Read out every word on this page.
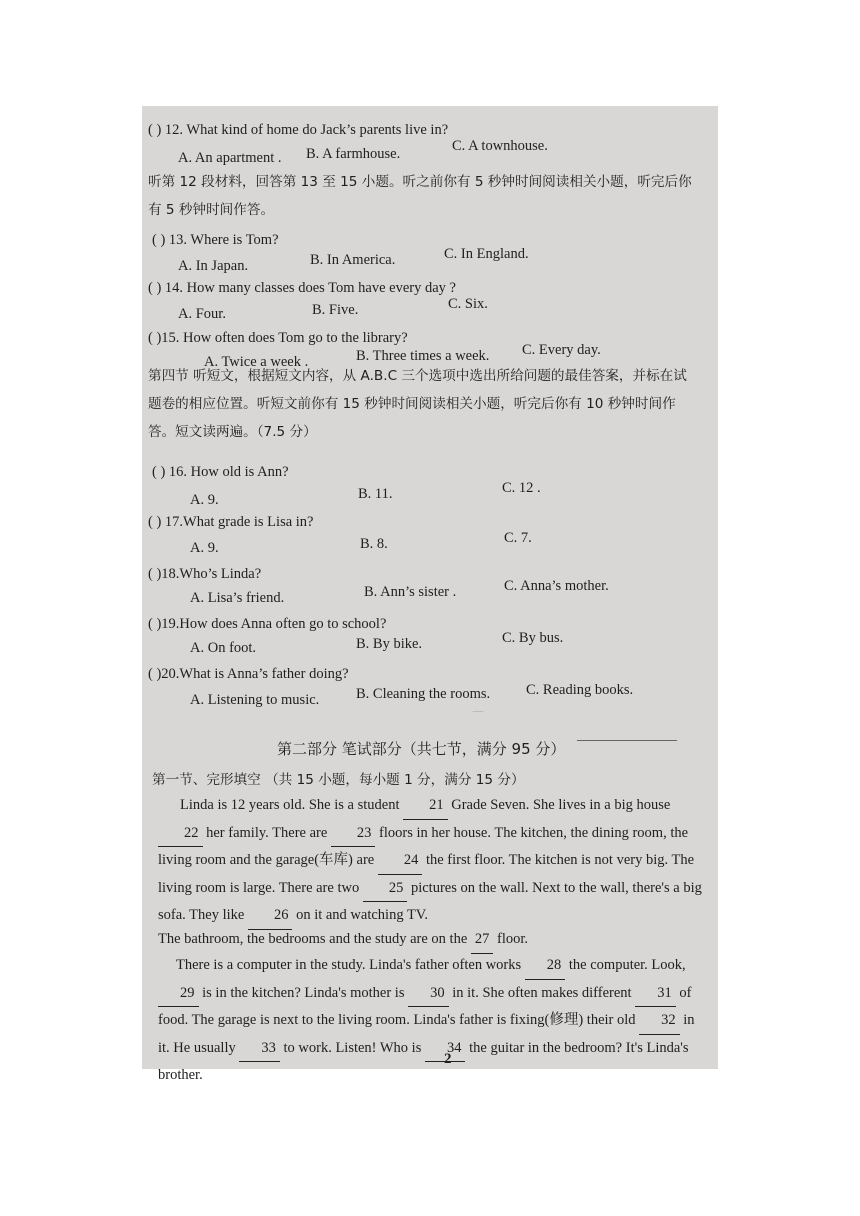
( ) 12. What kind of home do Jack’s parents live in?
A. An apartment . B. A farmhouse.	C. A townhouse.
听第 12 段材料，回答第 13 至 15 小题。听之前你有 5 秒钟时间阅读相关小题，听完后你有 5 秒钟时间作答。
( ) 13. Where is Tom?
A. In Japan.	B. In America.	C. In England.
( ) 14. How many classes does Tom have every day ?
A. Four.	B. Five.	C. Six.
( )15. How often does Tom go to the library?
A. Twice a week .	B. Three times a week. C. Every day.
第四节 听短文，根据短文内容，从 A.B.C 三个选项中选出所给问题的最佳答案，并标在试题卷的相应位置。听短文前你有 15 秒钟时间阅读相关小题，听完后你有 10 秒钟时间作答。短文读两遍。（7.5 分）
( ) 16. How old is Ann?
A. 9.	B. 11.	C. 12 .
( ) 17.What grade is Lisa in?
A. 9.	B. 8.	C. 7.
( )18.Who’s Linda?
A. Lisa’s friend.	B. Ann’s sister .	C. Anna’s mother.
( )19.How does Anna often go to school?
A. On foot.	B. By bike.	C. By bus.
( )20.What is Anna’s father doing?
A. Listening to music.	B. Cleaning the rooms. C. Reading books.
—
第二部分 笔试部分（共七节，满分 95 分）
第一节、完形填空 （共 15 小题，每小题 1 分，满分 15 分）
Linda is 12 years old. She is a student 21 Grade Seven. She lives in a big house 22 her family. There are 23 floors in her house. The kitchen, the dining room, the living room and the garage(车库) are 24 the first floor. The kitchen is not very big. The living room is large. There are two 25 pictures on the wall. Next to the wall, there's a big sofa. They like 26 on it and watching TV.
The bathroom, the bedrooms and the study are on the 27 floor.
There is a computer in the study. Linda's father often works 28 the computer. Look, 29 is in the kitchen? Linda's mother is 30 in it. She often makes different 31 of food. The garage is next to the living room. Linda's father is fixing(修理) their old 32 in it. He usually 33 to work. Listen! Who is 34 the guitar in the bedroom? It's Linda's brother.
2
